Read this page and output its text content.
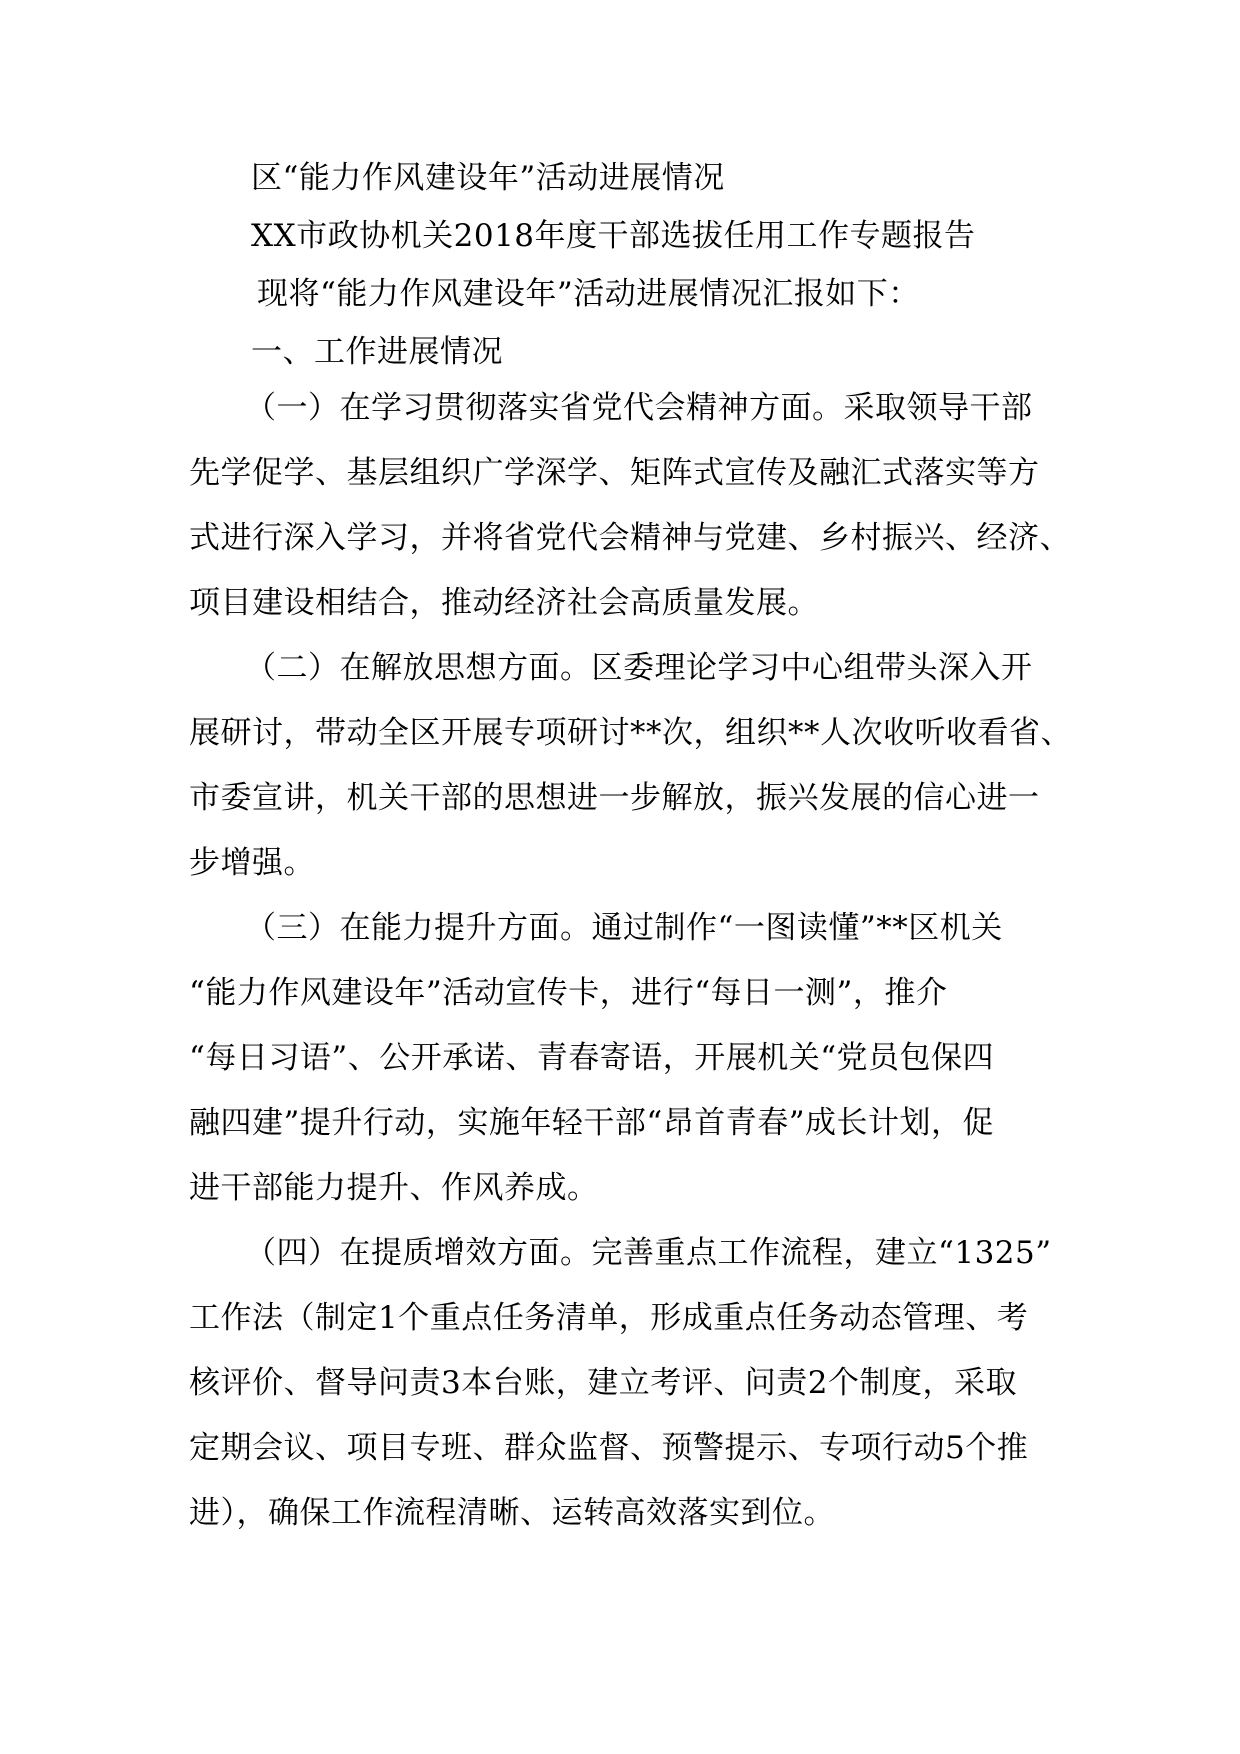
区“能力作风建设年”活动进展情况
XX市政协机关2018年度干部选拔任用工作专题报告
现将“能力作风建设年”活动进展情况汇报如下：
一、工作进展情况
（一）在学习贯彻落实省党代会精神方面。采取领导干部
先学促学、基层组织广学深学、矩阵式宣传及融汇式落实等方
式进行深入学习，并将省党代会精神与党建、乡村振兴、经济、
项目建设相结合，推动经济社会高质量发展。
（二）在解放思想方面。区委理论学习中心组带头深入开
展研讨，带动全区开展专项研讨**次，组织**人次收听收看省、
市委宣讲，机关干部的思想进一步解放，振兴发展的信心进一
步增强。
（三）在能力提升方面。通过制作“一图读懂”**区机关
“能力作风建设年”活动宣传卡，进行“每日一测”，推介
“每日习语”、公开承诺、青春寄语，开展机关“党员包保四
融四建”提升行动，实施年轻干部“昂首青春”成长计划，促
进干部能力提升、作风养成。
（四）在提质增效方面。完善重点工作流程，建立“1325”
工作法（制定1个重点任务清单，形成重点任务动态管理、考
核评价、督导问责3本台账，建立考评、问责2个制度，采取
定期会议、项目专班、群众监督、预警提示、专项行动5个推
进），确保工作流程清晰、运转高效落实到位。
